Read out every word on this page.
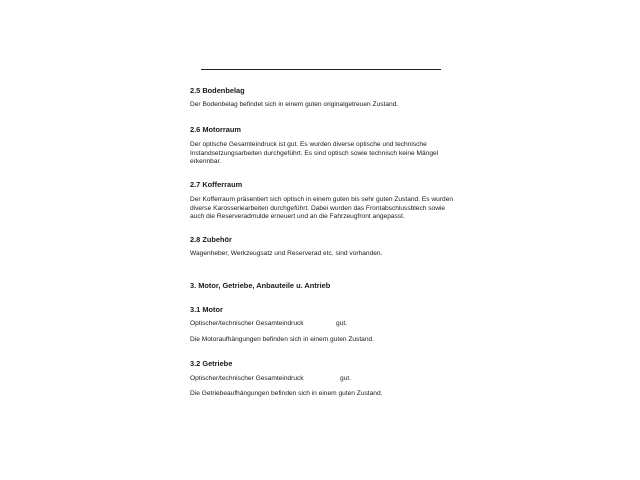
2.5 Bodenbelag
Der Bodenbelag befindet sich in einem guten originalgetreuen Zustand.
2.6 Motorraum
Der optische Gesamteindruck ist gut. Es wurden diverse optische und technische
Instandsetzungsarbeiten durchgeführt. Es sind optisch sowie technisch keine Mängel
erkennbar.
2.7 Kofferraum
Der Kofferraum präsentiert sich optisch in einem guten bis sehr guten Zustand. Es wurden
diverse Karosseriearbeiten durchgeführt. Dabei wurden das Frontabschlussblech sowie
auch die Reserveradmulde erneuert und an die Fahrzeugfront angepasst.
2.8 Zubehör
Wagenheber, Werkzeugsatz und Reserverad etc. sind vorhanden.
3. Motor, Getriebe, Anbauteile u. Antrieb
3.1 Motor
Optischer/technischer Gesamteindruck	gut.
Die Motoraufhängungen befinden sich in einem guten Zustand.
3.2 Getriebe
Optischer/technischer Gesamteindruck	gut.
Die Getriebeaufhängungen befinden sich in einem guten Zustand.
